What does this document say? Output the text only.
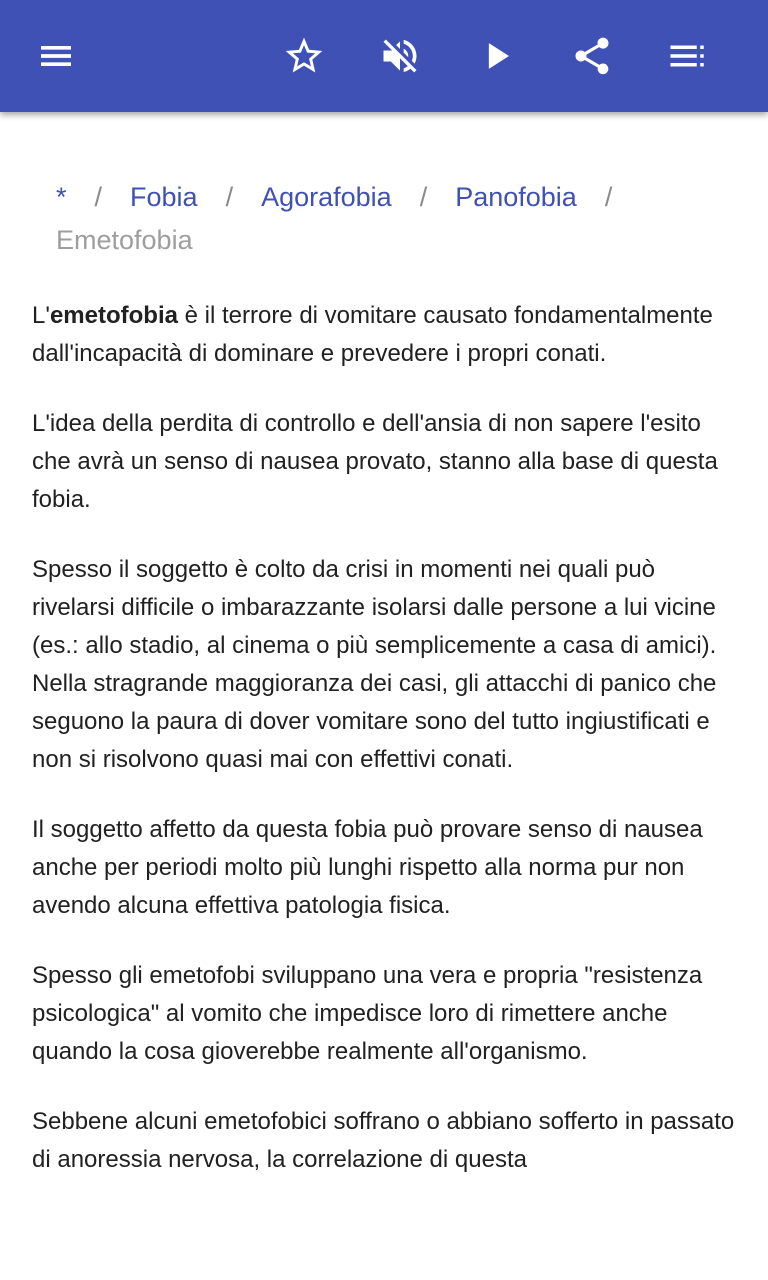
* / Fobia / Agorafobia / Panofobia /
Emetofobia

L'emetofobia è il terrore di vomitare causato fondamentalmente dall'incapacità di dominare e prevedere i propri conati.

L'idea della perdita di controllo e dell'ansia di non sapere l'esito che avrà un senso di nausea provato, stanno alla base di questa fobia.

Spesso il soggetto è colto da crisi in momenti nei quali può rivelarsi difficile o imbarazzante isolarsi dalle persone a lui vicine (es.: allo stadio, al cinema o più semplicemente a casa di amici). Nella stragrande maggioranza dei casi, gli attacchi di panico che seguono la paura di dover vomitare sono del tutto ingiustificati e non si risolvono quasi mai con effettivi conati.

Il soggetto affetto da questa fobia può provare senso di nausea anche per periodi molto più lunghi rispetto alla norma pur non avendo alcuna effettiva patologia fisica.

Spesso gli emetofobi sviluppano una vera e propria "resistenza psicologica" al vomito che impedisce loro di rimettere anche quando la cosa gioverebbe realmente all'organismo.

Sebbene alcuni emetofobici soffrano o abbiano sofferto in passato di anoressia nervosa, la correlazione di questa
